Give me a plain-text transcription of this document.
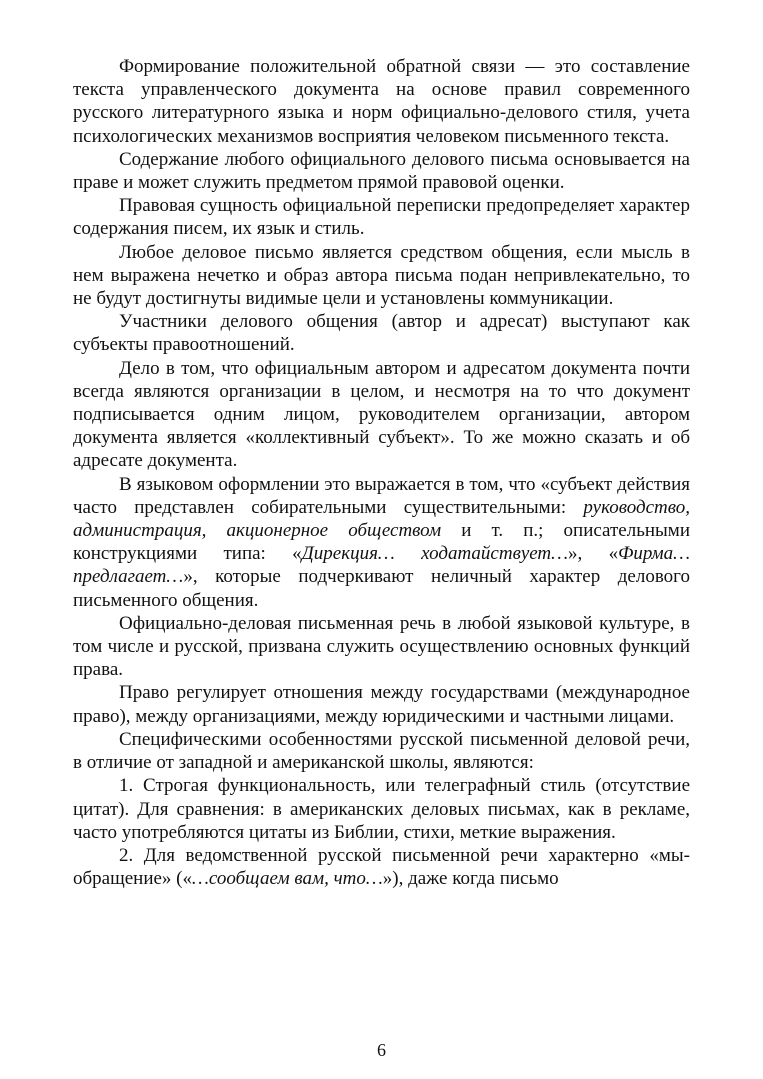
Формирование положительной обратной связи — это составление текста управленческого документа на основе правил современного русского литературного языка и норм официально-делового стиля, учета психологических механизмов восприятия человеком письменного текста.

Содержание любого официального делового письма основывается на праве и может служить предметом прямой правовой оценки.

Правовая сущность официальной переписки предопределяет характер содержания писем, их язык и стиль.

Любое деловое письмо является средством общения, если мысль в нем выражена нечетко и образ автора письма подан непривлекательно, то не будут достигнуты видимые цели и установлены коммуникации.

Участники делового общения (автор и адресат) выступают как субъекты правоотношений.

Дело в том, что официальным автором и адресатом документа почти всегда являются организации в целом, и несмотря на то что документ подписывается одним лицом, руководителем организации, автором документа является «коллективный субъект». То же можно сказать и об адресате документа.

В языковом оформлении это выражается в том, что «субъект действия часто представлен собирательными существительными: руководство, администрация, акционерное обществом и т. п.; описательными конструкциями типа: «Дирекция… ходатайствует…», «Фирма… предлагает…», которые подчеркивают неличный характер делового письменного общения.

Официально-деловая письменная речь в любой языковой культуре, в том числе и русской, призвана служить осуществлению основных функций права.

Право регулирует отношения между государствами (международное право), между организациями, между юридическими и частными лицами.

Специфическими особенностями русской письменной деловой речи, в отличие от западной и американской школы, являются:

1. Строгая функциональность, или телеграфный стиль (отсутствие цитат). Для сравнения: в американских деловых письмах, как в рекламе, часто употребляются цитаты из Библии, стихи, меткие выражения.

2. Для ведомственной русской письменной речи характерно «мы-обращение» («…сообщаем вам, что…»), даже когда письмо

6
